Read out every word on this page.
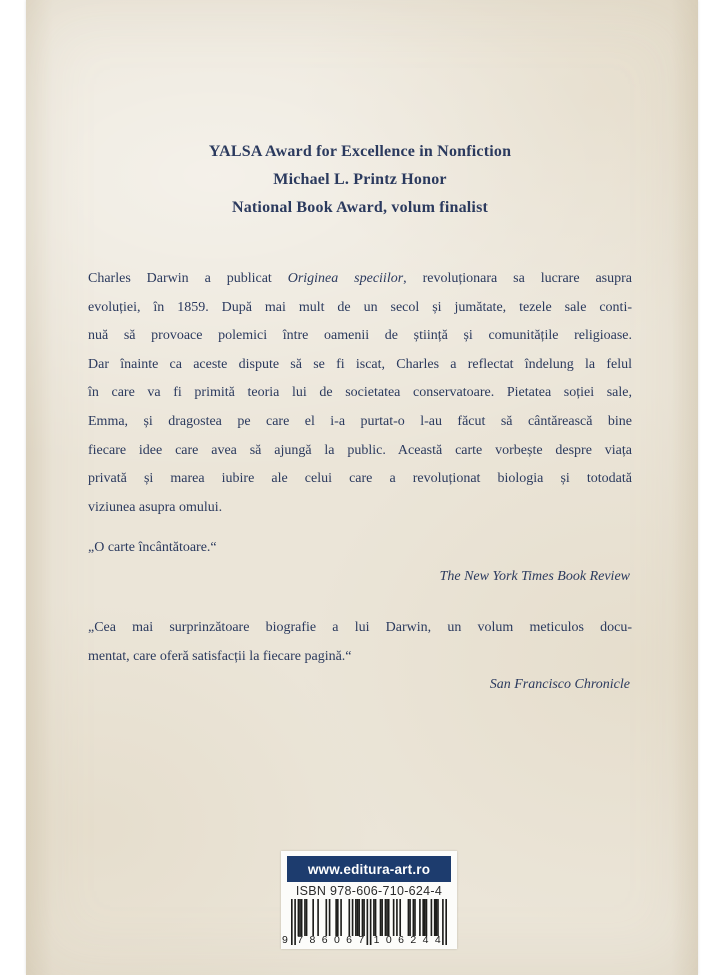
YALSA Award for Excellence in Nonfiction
Michael L. Printz Honor
National Book Award, volum finalist
Charles Darwin a publicat Originea speciilor, revoluționara sa lucrare asupra
evoluției, în 1859. După mai mult de un secol și jumătate, tezele sale conti-
nuă să provoace polemici între oamenii de știință și comunitățile religioase.
Dar înainte ca aceste dispute să se fi iscat, Charles a reflectat îndelung la felul
în care va fi primită teoria lui de societatea conservatoare. Pietatea soției sale,
Emma, și dragostea pe care el i-a purtat-o l-au făcut să cântărească bine
fiecare idee care avea să ajungă la public. Această carte vorbește despre viața
privată și marea iubire ale celui care a revoluționat biologia și totodată
viziunea asupra omului.
„O carte încântătoare.“
The New York Times Book Review
„Cea mai surprinzătoare biografie a lui Darwin, un volum meticulos docu-
mentat, care oferă satisfacții la fiecare pagină.“
San Francisco Chronicle
www.editura-art.ro
ISBN 978-606-710-624-4
9 7 8 6 0 6 7 1 0 6 2 4 4
